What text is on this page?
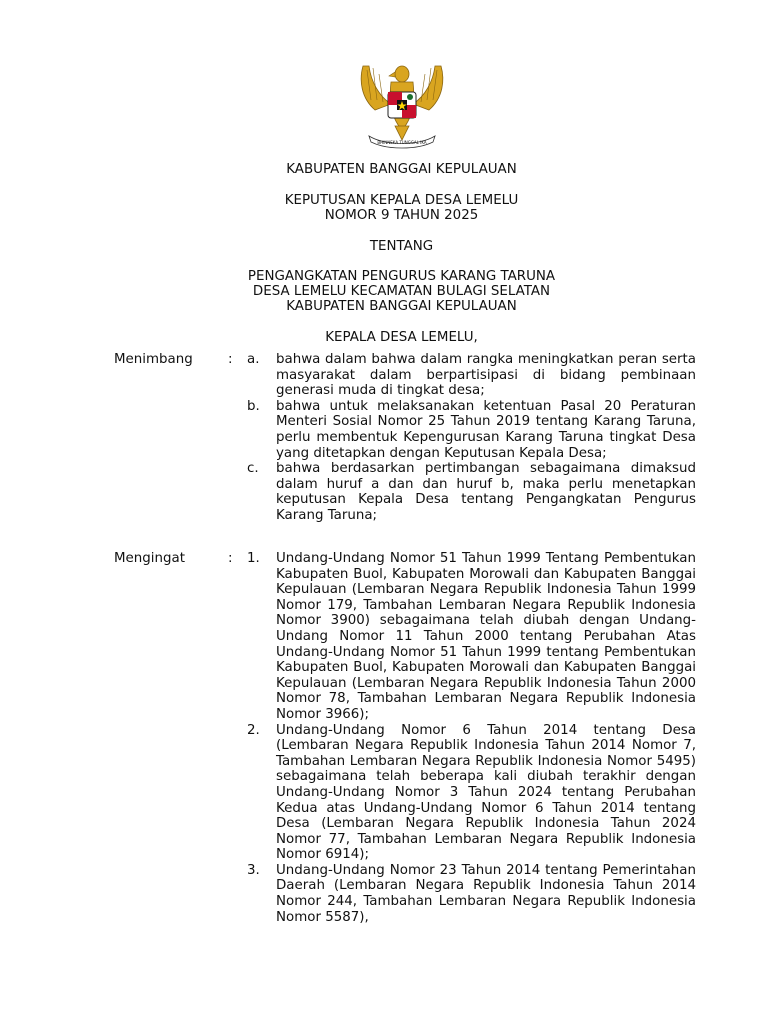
BHINNEKA TUNGGAL IKA
KABUPATEN BANGGAI KEPULAUAN
KEPUTUSAN KEPALA DESA LEMELU
NOMOR 9 TAHUN 2025
TENTANG
PENGANGKATAN PENGURUS KARANG TARUNA
DESA LEMELU KECAMATAN BULAGI SELATAN
KABUPATEN BANGGAI KEPULAUAN
KEPALA DESA LEMELU,
Menimbang	: a. bahwa dalam bahwa dalam rangka meningkatkan peran serta masyarakat dalam berpartisipasi di bidang pembinaan generasi muda di tingkat desa;
b. bahwa untuk melaksanakan ketentuan Pasal 20 Peraturan Menteri Sosial Nomor 25 Tahun 2019 tentang Karang Taruna, perlu membentuk Kepengurusan Karang Taruna tingkat Desa yang ditetapkan dengan Keputusan Kepala Desa;
c. bahwa berdasarkan pertimbangan sebagaimana dimaksud dalam huruf a dan dan huruf b, maka perlu menetapkan keputusan Kepala Desa tentang Pengangkatan Pengurus Karang Taruna;
Mengingat	: 1. Undang-Undang Nomor 51 Tahun 1999 Tentang Pembentukan Kabupaten Buol, Kabupaten Morowali dan Kabupaten Banggai Kepulauan (Lembaran Negara Republik Indonesia Tahun 1999 Nomor 179, Tambahan Lembaran Negara Republik Indonesia Nomor 3900) sebagaimana telah diubah dengan Undang-Undang Nomor 11 Tahun 2000 tentang Perubahan Atas Undang-Undang Nomor 51 Tahun 1999 tentang Pembentukan Kabupaten Buol, Kabupaten Morowali dan Kabupaten Banggai Kepulauan (Lembaran Negara Republik Indonesia Tahun 2000 Nomor 78, Tambahan Lembaran Negara Republik Indonesia Nomor 3966);
2. Undang-Undang Nomor 6 Tahun 2014 tentang Desa (Lembaran Negara Republik Indonesia Tahun 2014 Nomor 7, Tambahan Lembaran Negara Republik Indonesia Nomor 5495) sebagaimana telah beberapa kali diubah terakhir dengan Undang-Undang Nomor 3 Tahun 2024 tentang Perubahan Kedua atas Undang-Undang Nomor 6 Tahun 2014 tentang Desa (Lembaran Negara Republik Indonesia Tahun 2024 Nomor 77, Tambahan Lembaran Negara Republik Indonesia Nomor 6914);
3. Undang-Undang Nomor 23 Tahun 2014 tentang Pemerintahan Daerah (Lembaran Negara Republik Indonesia Tahun 2014 Nomor 244, Tambahan Lembaran Negara Republik Indonesia Nomor 5587),
